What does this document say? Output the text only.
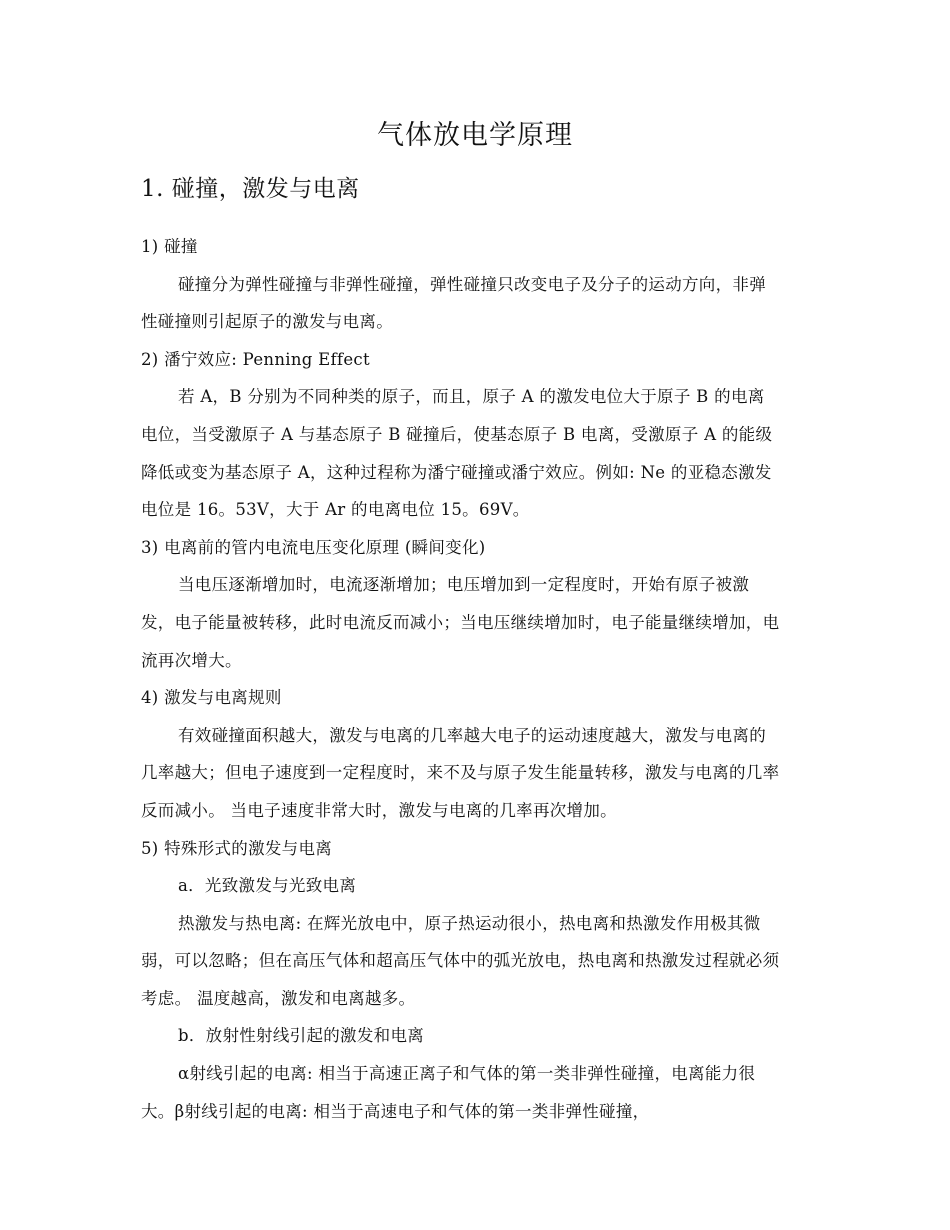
气体放电学原理
1. 碰撞，激发与电离

1) 碰撞

碰撞分为弹性碰撞与非弹性碰撞，弹性碰撞只改变电子及分子的运动方向，非弹性碰撞则引起原子的激发与电离。

2) 潘宁效应: Penning Effect

若 A，B 分别为不同种类的原子，而且，原子 A 的激发电位大于原子 B 的电离电位，当受激原子 A 与基态原子 B 碰撞后，使基态原子 B 电离，受激原子 A 的能级降低或变为基态原子 A，这种过程称为潘宁碰撞或潘宁效应。例如: Ne 的亚稳态激发电位是 16。53V，大于 Ar 的电离电位 15。69V。

3) 电离前的管内电流电压变化原理 (瞬间变化)

当电压逐渐增加时，电流逐渐增加；电压增加到一定程度时，开始有原子被激发，电子能量被转移，此时电流反而减小；当电压继续增加时，电子能量继续增加，电流再次增大。

4) 激发与电离规则

有效碰撞面积越大，激发与电离的几率越大电子的运动速度越大，激发与电离的几率越大；但电子速度到一定程度时，来不及与原子发生能量转移，激发与电离的几率反而减小。 当电子速度非常大时，激发与电离的几率再次增加。

5) 特殊形式的激发与电离

a．光致激发与光致电离

热激发与热电离: 在辉光放电中，原子热运动很小，热电离和热激发作用极其微弱，可以忽略；但在高压气体和超高压气体中的弧光放电，热电离和热激发过程就必须考虑。 温度越高，激发和电离越多。

b．放射性射线引起的激发和电离

α射线引起的电离: 相当于高速正离子和气体的第一类非弹性碰撞，电离能力很大。β射线引起的电离: 相当于高速电子和气体的第一类非弹性碰撞，
